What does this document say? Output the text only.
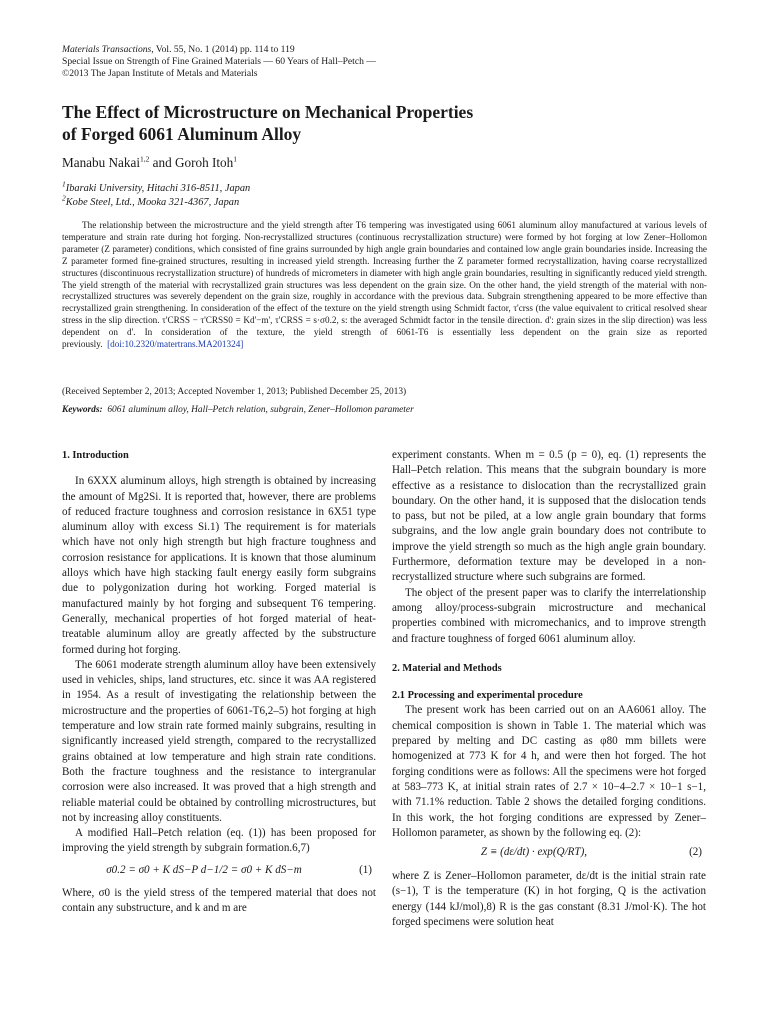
Materials Transactions, Vol. 55, No. 1 (2014) pp. 114 to 119
Special Issue on Strength of Fine Grained Materials — 60 Years of Hall–Petch —
©2013 The Japan Institute of Metals and Materials
The Effect of Microstructure on Mechanical Properties
of Forged 6061 Aluminum Alloy
Manabu Nakai$^{1,2}$ and Goroh Itoh$^1$
$^1$Ibaraki University, Hitachi 316-8511, Japan
$^2$Kobe Steel, Ltd., Mooka 321-4367, Japan
The relationship between the microstructure and the yield strength after T6 tempering was investigated using 6061 aluminum alloy manufactured at various levels of temperature and strain rate during hot forging. Non-recrystallized structures (continuous recrystallization structure) were formed by hot forging at low Zener–Hollomon parameter (Z parameter) conditions, which consisted of fine grains surrounded by high angle grain boundaries and contained low angle grain boundaries inside. Increasing the Z parameter formed fine-grained structures, resulting in increased yield strength. Increasing further the Z parameter formed recrystallization, having coarse recrystallized structures (discontinuous recrystallization structure) of hundreds of micrometers in diameter with high angle grain boundaries, resulting in significantly reduced yield strength. The yield strength of the material with recrystallized grain structures was less dependent on the grain size. On the other hand, the yield strength of the material with non-recrystallized structures was severely dependent on the grain size, roughly in accordance with the previous data. Subgrain strengthening appeared to be more effective than recrystallized grain strengthening. In consideration of the effect of the texture on the yield strength using Schmidt factor, τ'crss (the value equivalent to critical resolved shear stress in the slip direction. τ'CRSS − τ'CRSS0 = Kd'−m', τ'CRSS = s·σ0.2, s: the averaged Schmidt factor in the tensile direction. d': grain sizes in the slip direction) was less dependent on d'. In consideration of the texture, the yield strength of 6061-T6 is essentially less dependent on the grain size as reported previously. [doi:10.2320/matertrans.MA201324]
(Received September 2, 2013; Accepted November 1, 2013; Published December 25, 2013)
Keywords: 6061 aluminum alloy, Hall–Petch relation, subgrain, Zener–Hollomon parameter
1. Introduction

In 6XXX aluminum alloys, high strength is obtained by increasing the amount of Mg2Si. It is reported that, however, there are problems of reduced fracture toughness and corrosion resistance in 6X51 type aluminum alloy with excess Si.1) The requirement is for materials which have not only high strength but high fracture toughness and corrosion resistance for applications. It is known that those aluminum alloys which have high stacking fault energy easily form subgrains due to polygonization during hot working. Forged material is manufactured mainly by hot forging and subsequent T6 tempering. Generally, mechanical properties of hot forged material of heat-treatable aluminum alloy are greatly affected by the substructure formed during hot forging.

The 6061 moderate strength aluminum alloy have been extensively used in vehicles, ships, land structures, etc. since it was AA registered in 1954. As a result of investigating the relationship between the microstructure and the properties of 6061-T6,2–5) hot forging at high temperature and low strain rate formed mainly subgrains, resulting in significantly increased yield strength, compared to the recrystallized grains obtained at low temperature and high strain rate conditions. Both the fracture toughness and the resistance to intergranular corrosion were also increased. It was proved that a high strength and reliable material could be obtained by controlling microstructures, but not by increasing alloy constituents.

A modified Hall–Petch relation (eq. (1)) has been proposed for improving the yield strength by subgrain formation.6,7)

σ0.2 = σ0 + K dS−P d−1/2 = σ0 + K dS−m	(1)

Where, σ0 is the yield stress of the tempered material that does not contain any substructure, and k and m are

experiment constants. When m = 0.5 (p = 0), eq. (1) represents the Hall–Petch relation. This means that the subgrain boundary is more effective as a resistance to dislocation than the recrystallized grain boundary. On the other hand, it is supposed that the dislocation tends to pass, but not be piled, at a low angle grain boundary that forms subgrains, and the low angle grain boundary does not contribute to improve the yield strength so much as the high angle grain boundary. Furthermore, deformation texture may be developed in a non-recrystallized structure where such subgrains are formed.

The object of the present paper was to clarify the interrelationship among alloy/process-subgrain microstructure and mechanical properties combined with micromechanics, and to improve strength and fracture toughness of forged 6061 aluminum alloy.

2. Material and Methods
2.1 Processing and experimental procedure

The present work has been carried out on an AA6061 alloy. The chemical composition is shown in Table 1. The material which was prepared by melting and DC casting as φ80 mm billets were homogenized at 773 K for 4 h, and were then hot forged. The hot forging conditions were as follows: All the specimens were hot forged at 583–773 K, at initial strain rates of 2.7 × 10−4–2.7 × 10−1 s−1, with 71.1% reduction. Table 2 shows the detailed forging conditions. In this work, the hot forging conditions are expressed by Zener–Hollomon parameter, as shown by the following eq. (2):

Z ≡ (dε/dt) · exp(Q/RT),	(2)

where Z is Zener–Hollomon parameter, dε/dt is the initial strain rate (s−1), T is the temperature (K) in hot forging, Q is the activation energy (144 kJ/mol),8) R is the gas constant (8.31 J/mol·K). The hot forged specimens were solution heat
